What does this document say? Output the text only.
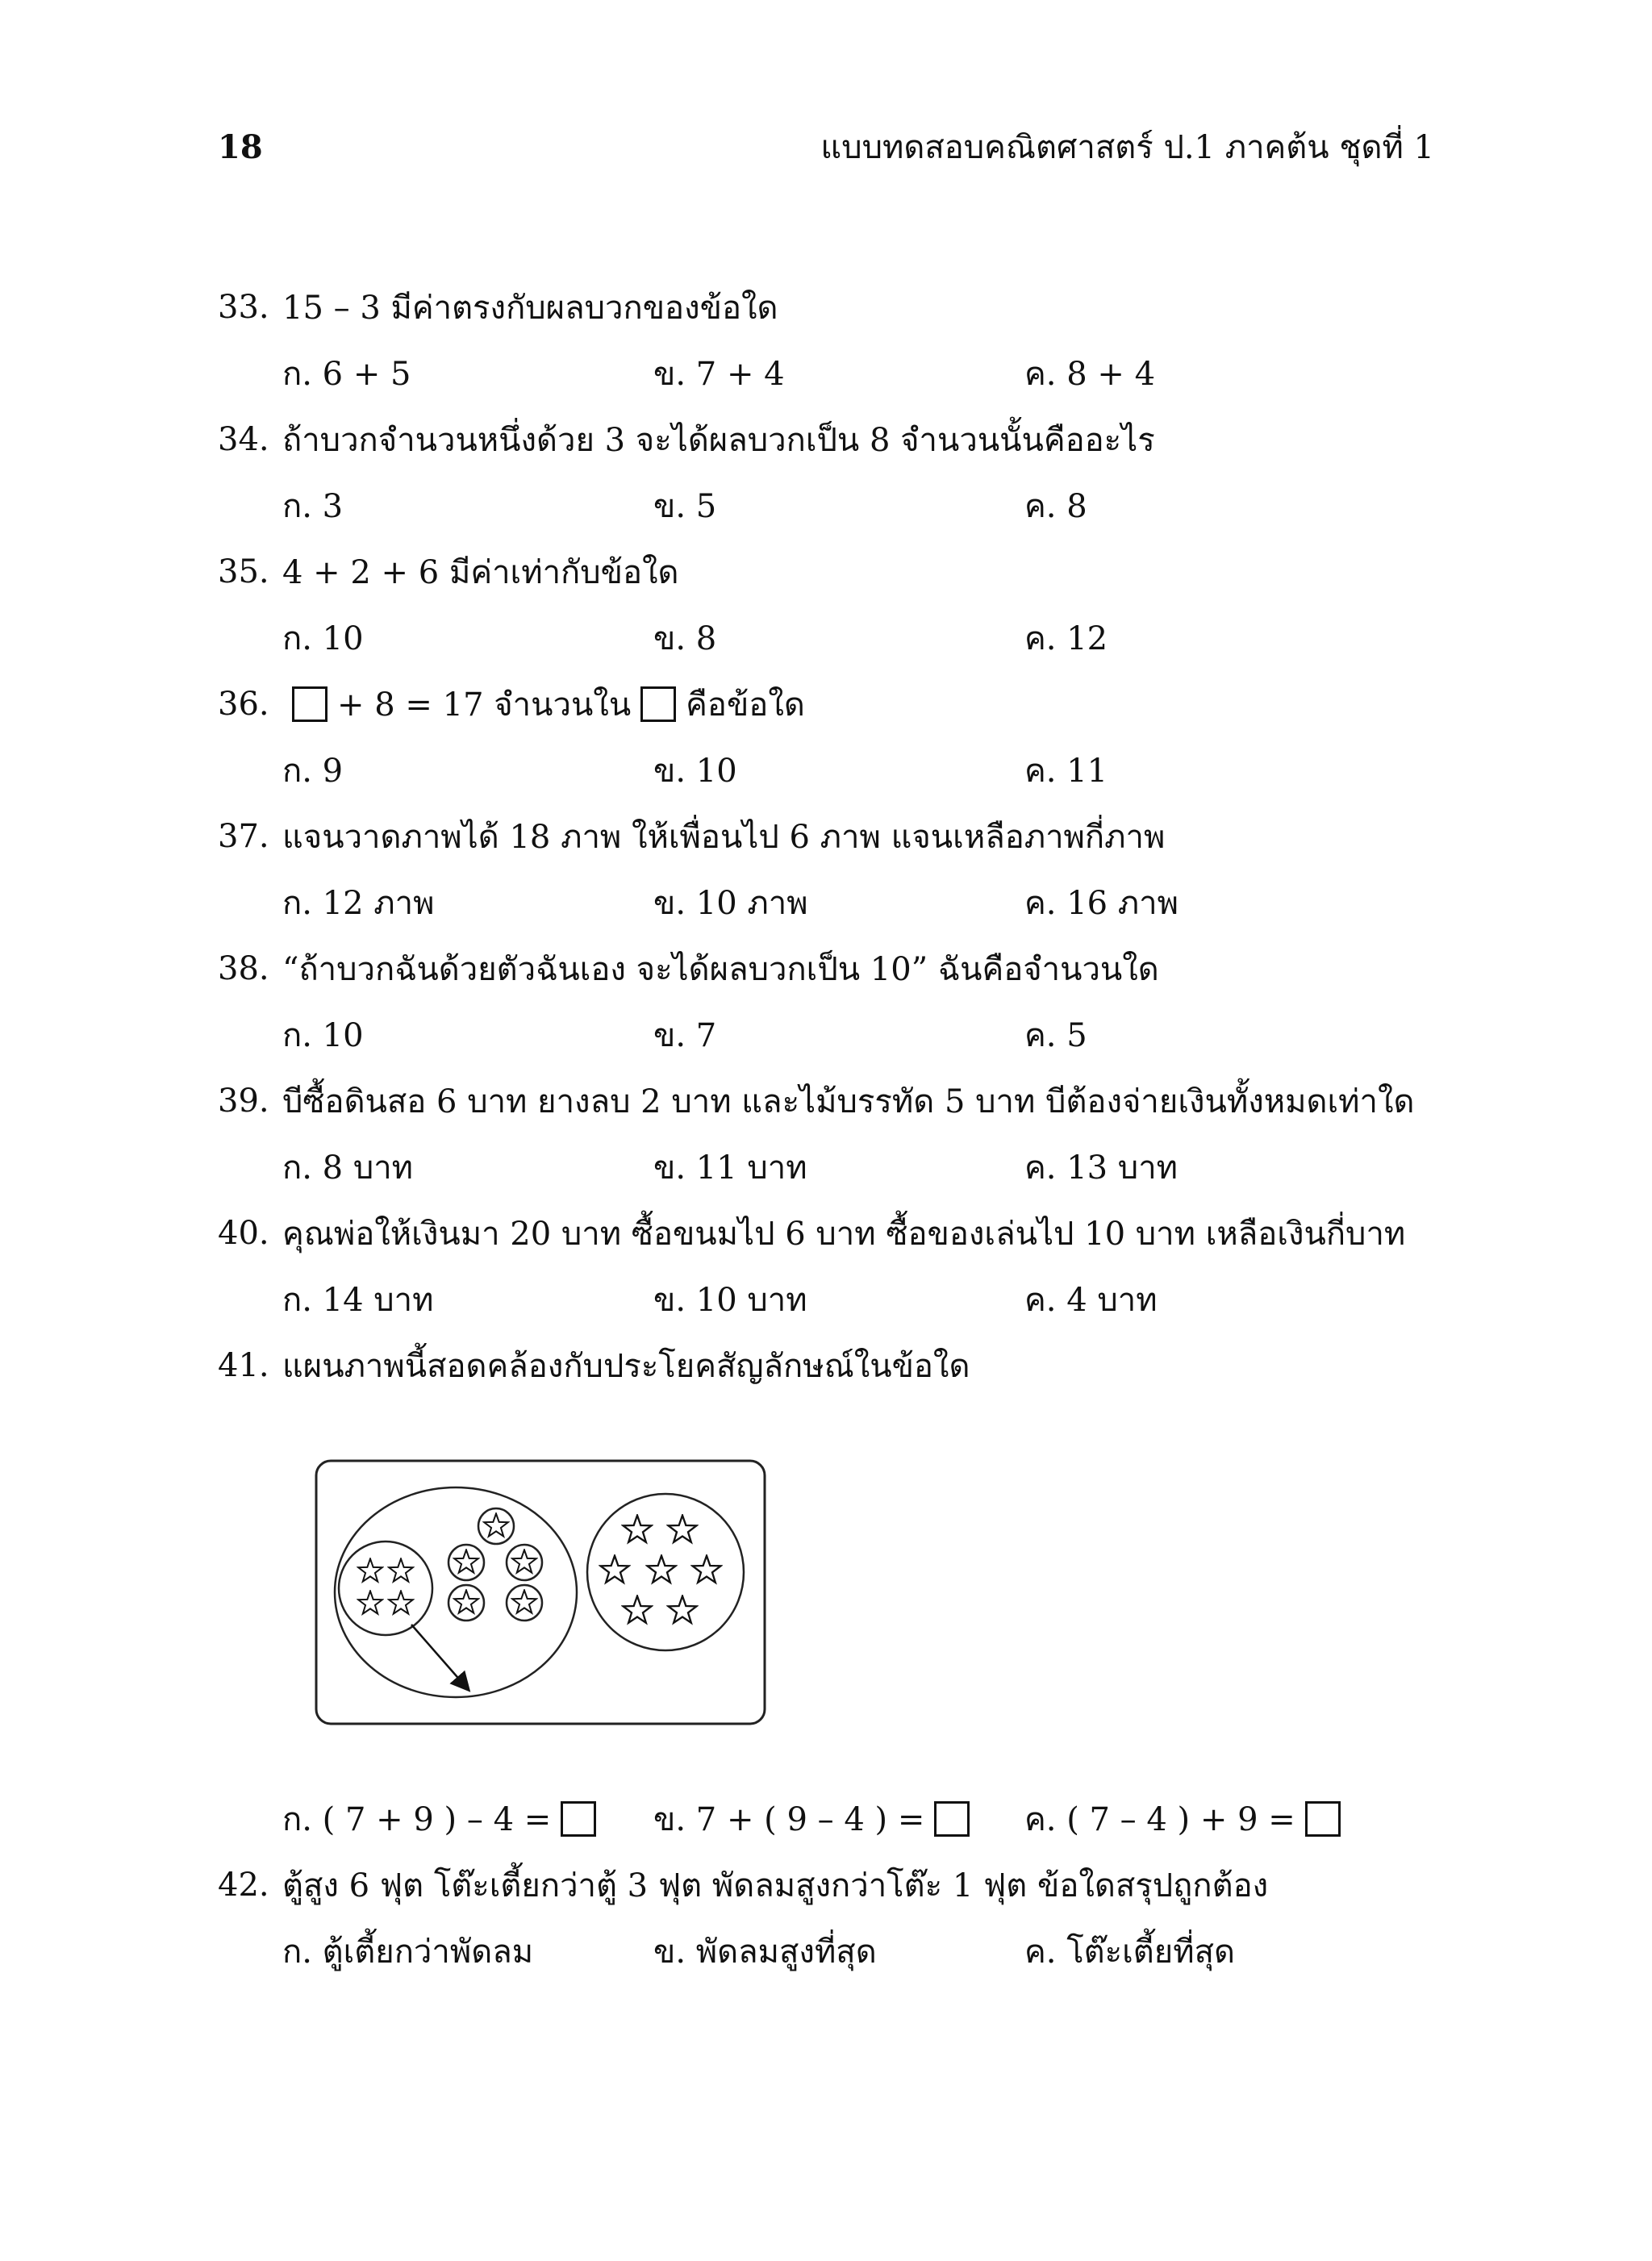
18	แบบทดสอบคณิตศาสตร์ ป.1 ภาคต้น ชุดที่ 1
33. 15 – 3 มีค่าตรงกับผลบวกของข้อใด
ก. 6 + 5	ข. 7 + 4	ค. 8 + 4
34. ถ้าบวกจำนวนหนึ่งด้วย 3 จะได้ผลบวกเป็น 8 จำนวนนั้นคืออะไร
ก. 3	ข. 5	ค. 8
35. 4 + 2 + 6 มีค่าเท่ากับข้อใด
ก. 10	ข. 8	ค. 12
36.	+ 8 = 17 จำนวนใน คือข้อใด
ก. 9	ข. 10	ค. 11
37. แจนวาดภาพได้ 18 ภาพ ให้เพื่อนไป 6 ภาพ แจนเหลือภาพกี่ภาพ
ก. 12 ภาพ	ข. 10 ภาพ	ค. 16 ภาพ
38. “ถ้าบวกฉันด้วยตัวฉันเอง จะได้ผลบวกเป็น 10” ฉันคือจำนวนใด
ก. 10	ข. 7	ค. 5
39. บีซื้อดินสอ 6 บาท ยางลบ 2 บาท และไม้บรรทัด 5 บาท บีต้องจ่ายเงินทั้งหมดเท่าใด
ก. 8 บาท	ข. 11 บาท	ค. 13 บาท
40. คุณพ่อให้เงินมา 20 บาท ซื้อขนมไป 6 บาท ซื้อของเล่นไป 10 บาท เหลือเงินกี่บาท
ก. 14 บาท	ข. 10 บาท	ค. 4 บาท
41. แผนภาพนี้สอดคล้องกับประโยคสัญลักษณ์ในข้อใด
ก. ( 7 + 9 ) – 4 =	ข. 7 + ( 9 – 4 ) =	ค. ( 7 – 4 ) + 9 =
42. ตู้สูง 6 ฟุต โต๊ะเตี้ยกว่าตู้ 3 ฟุต พัดลมสูงกว่าโต๊ะ 1 ฟุต ข้อใดสรุปถูกต้อง
ก. ตู้เตี้ยกว่าพัดลม	ข. พัดลมสูงที่สุด	ค. โต๊ะเตี้ยที่สุด
